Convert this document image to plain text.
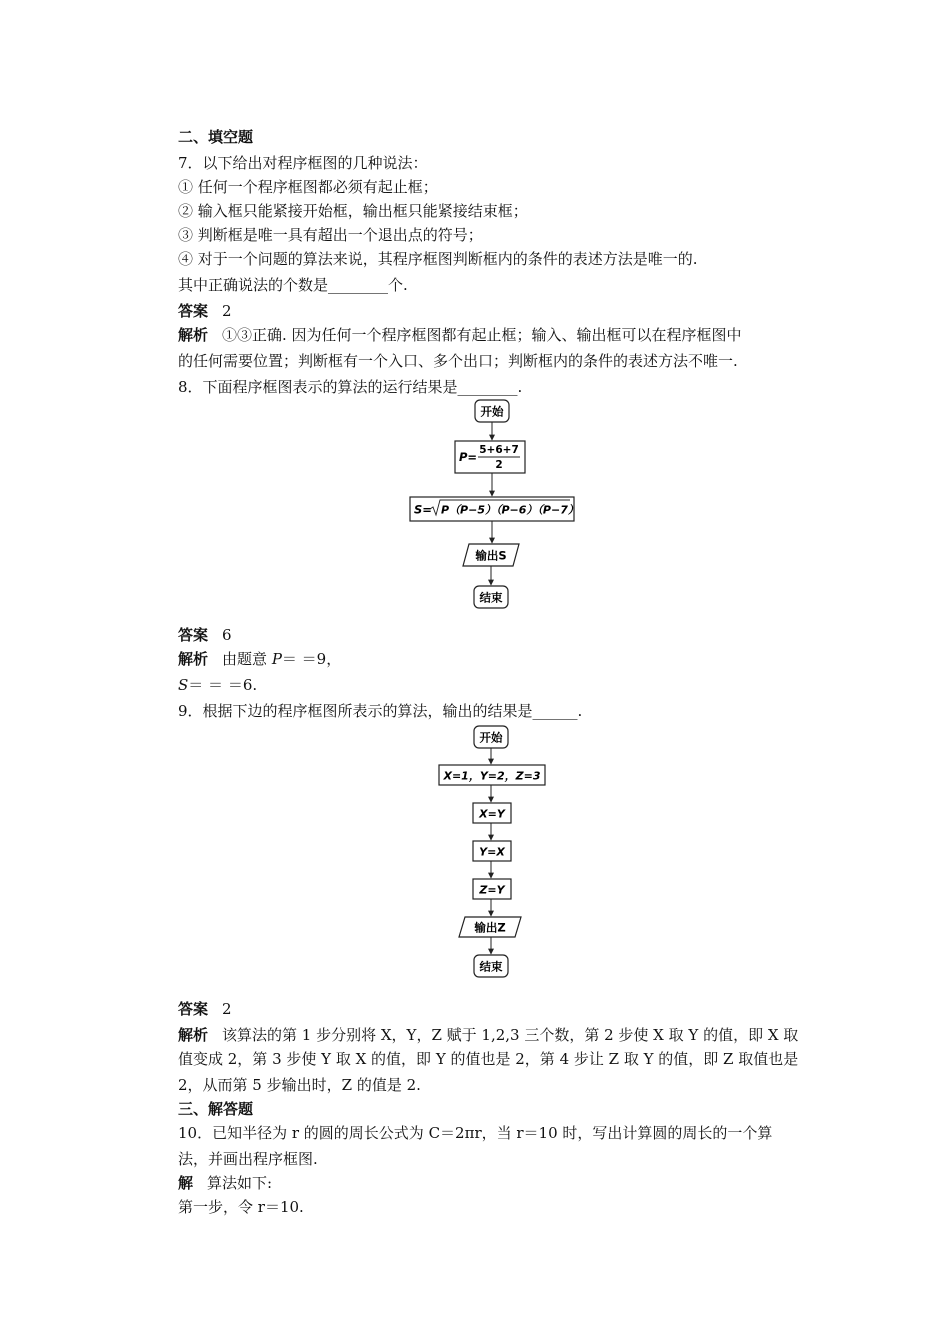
二、填空题
7．以下给出对程序框图的几种说法：
① 任何一个程序框图都必须有起止框；
② 输入框只能紧接开始框，输出框只能紧接结束框；
③ 判断框是唯一具有超出一个退出点的符号；
④ 对于一个问题的算法来说，其程序框图判断框内的条件的表述方法是唯一的.
其中正确说法的个数是________个.
答案 2
解析 ①③正确. 因为任何一个程序框图都有起止框；输入、输出框可以在程序框图中
的任何需要位置；判断框有一个入口、多个出口；判断框内的条件的表述方法不唯一.
8．下面程序框图表示的算法的运行结果是________.
开始
P= 5+6+7
2
S= P（P−5）（P−6）（P−7）
输出S
结束
答案 6
解析 由题意 P＝ ＝9，
S＝ ＝ ＝6.
9．根据下边的程序框图所表示的算法，输出的结果是______.
开始
X=1，Y=2，Z=3
X=Y
Y=X
Z=Y
输出Z
结束
答案 2
解析 该算法的第 1 步分别将 X，Y，Z 赋于 1,2,3 三个数，第 2 步使 X 取 Y 的值，即 X 取
值变成 2，第 3 步使 Y 取 X 的值，即 Y 的值也是 2，第 4 步让 Z 取 Y 的值，即 Z 取值也是
2，从而第 5 步输出时，Z 的值是 2.
三、解答题
10．已知半径为 r 的圆的周长公式为 C＝2πr，当 r＝10 时，写出计算圆的周长的一个算
法，并画出程序框图.
解 算法如下:
第一步，令 r＝10.
